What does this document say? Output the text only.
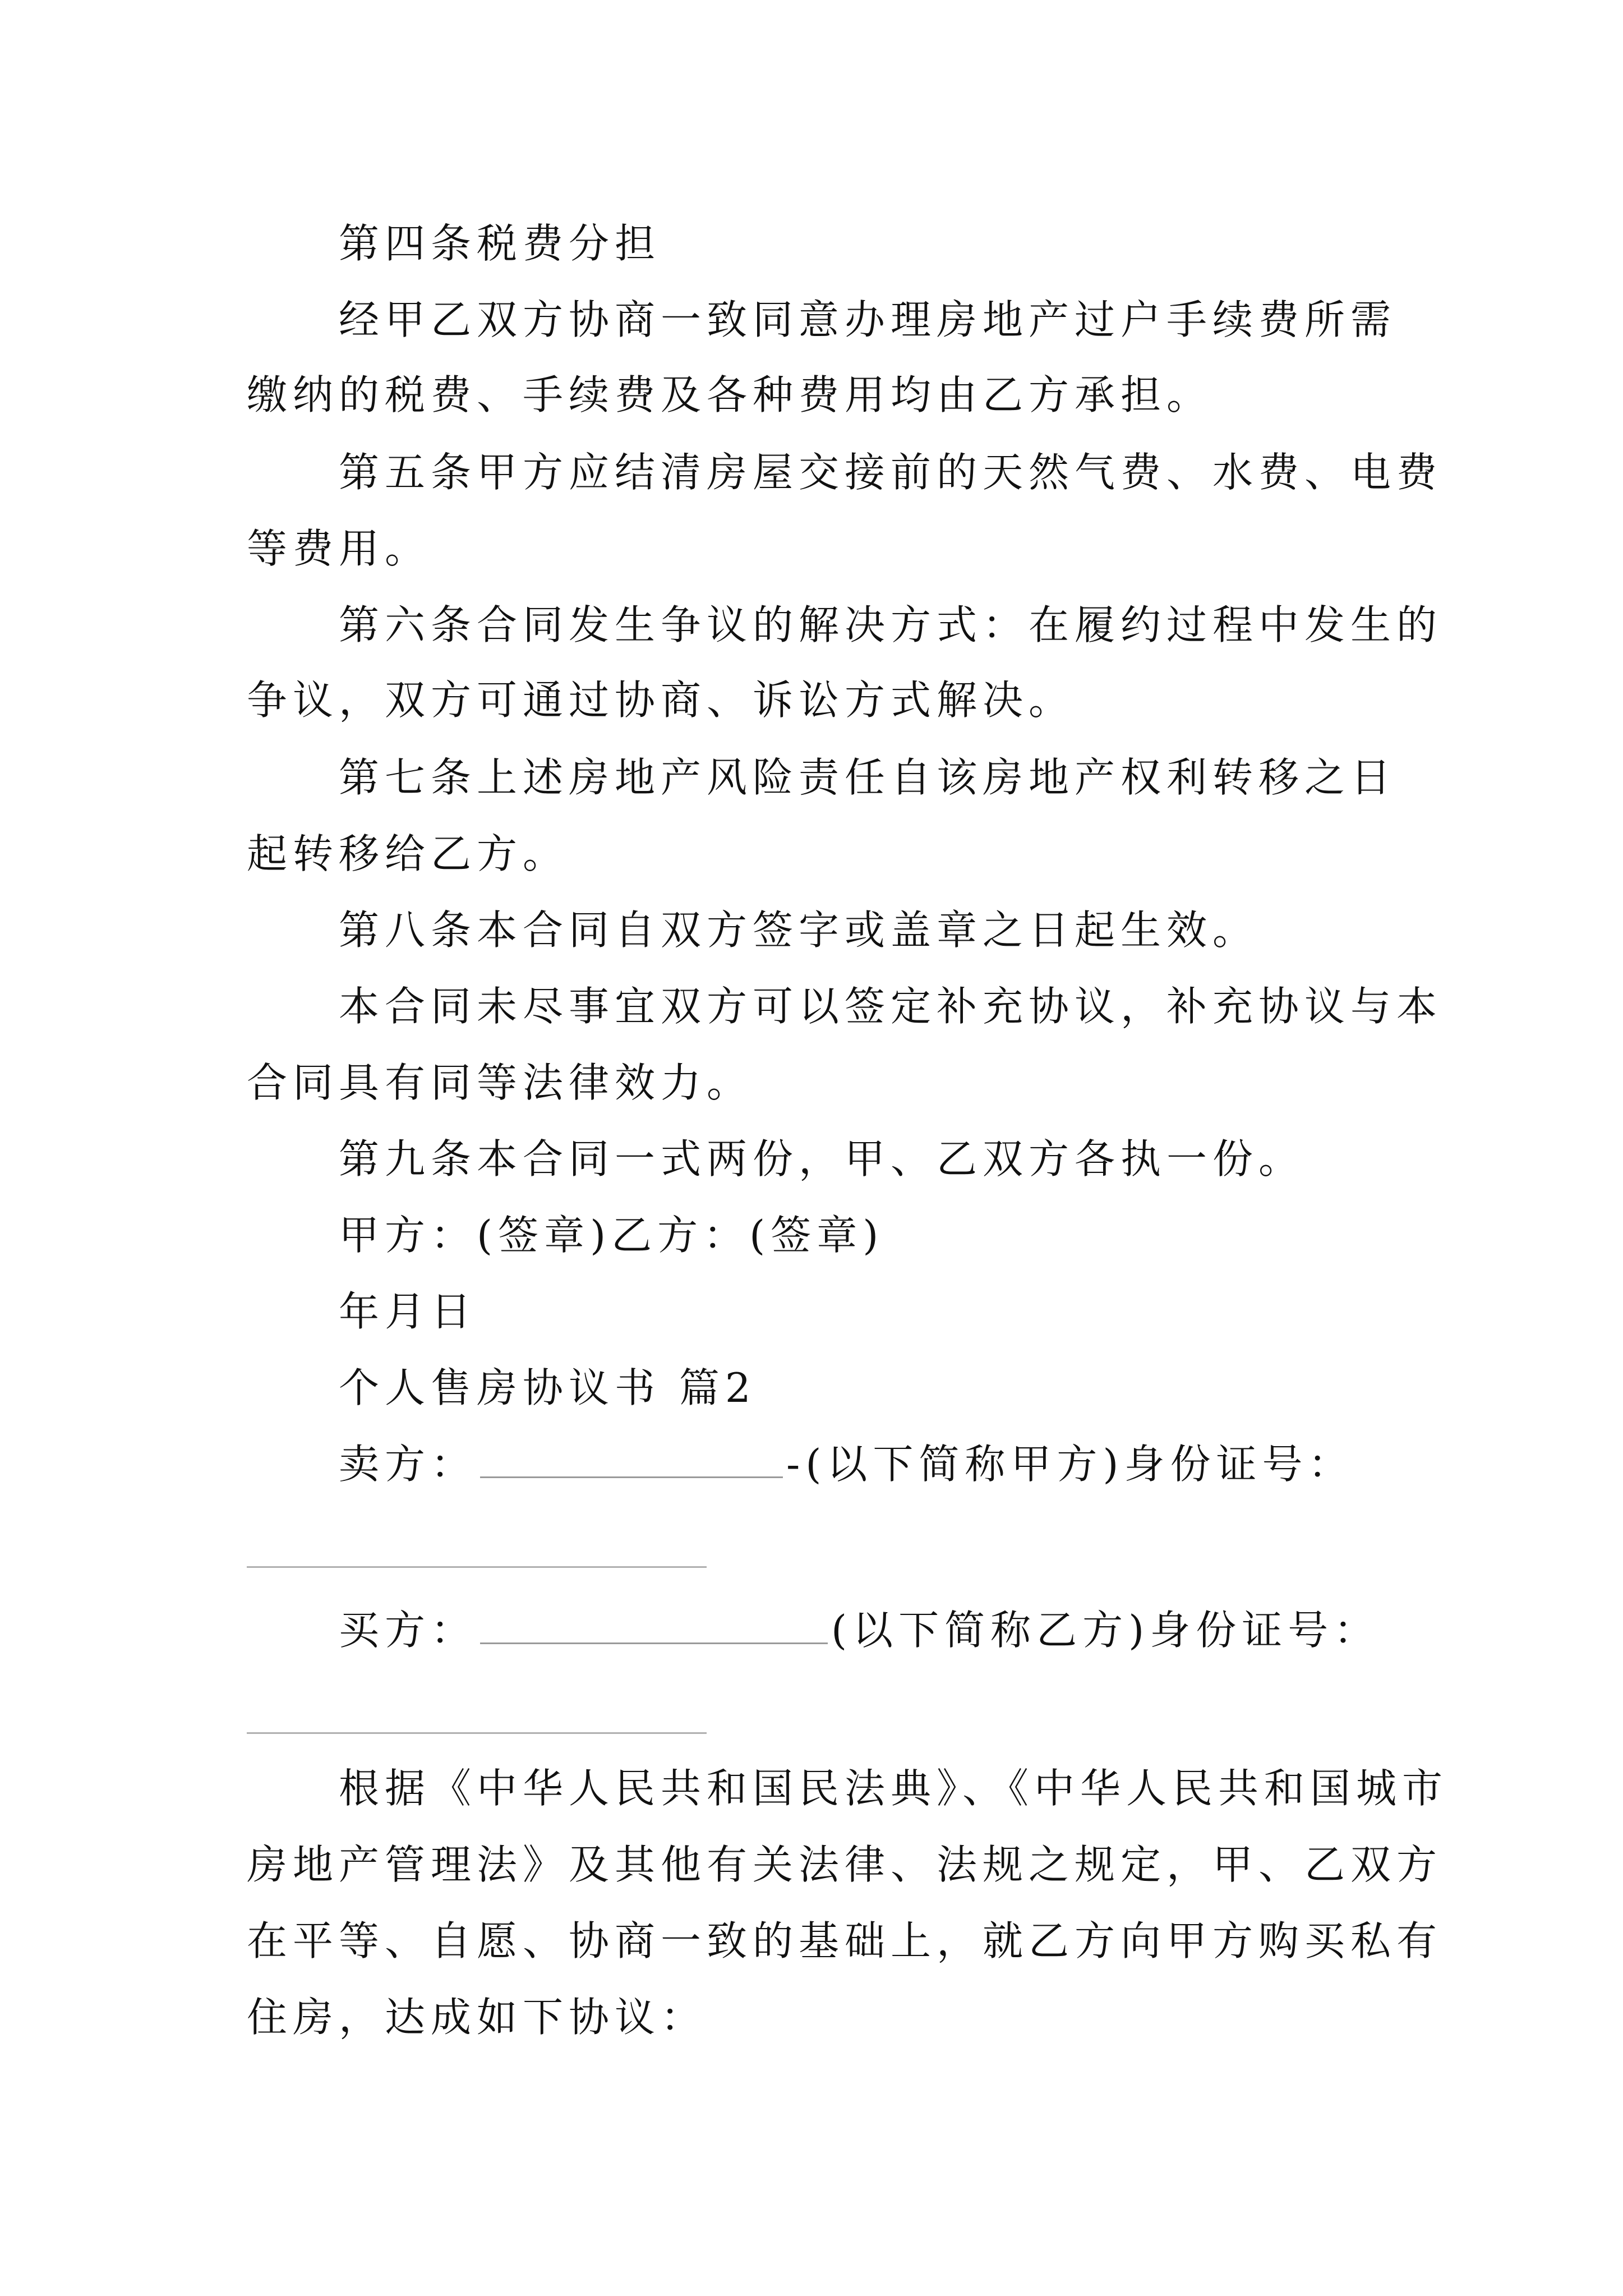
第四条税费分担

经甲乙双方协商一致同意办理房地产过户手续费所需

缴纳的税费、手续费及各种费用均由乙方承担。

第五条甲方应结清房屋交接前的天然气费、水费、电费

等费用。

第六条合同发生争议的解决方式：在履约过程中发生的

争议，双方可通过协商、诉讼方式解决。

第七条上述房地产风险责任自该房地产权利转移之日

起转移给乙方。

第八条本合同自双方签字或盖章之日起生效。

本合同未尽事宜双方可以签定补充协议，补充协议与本

合同具有同等法律效力。

第九条本合同一式两份，甲、乙双方各执一份。

甲方：(签章)乙方：(签章)

年月日

个人售房协议书 篇2

卖方：	-(以下简称甲方)身份证号：

买方：	(以下简称乙方)身份证号：

根据《中华人民共和国民法典》、《中华人民共和国城市

房地产管理法》及其他有关法律、法规之规定，甲、乙双方

在平等、自愿、协商一致的基础上，就乙方向甲方购买私有

住房，达成如下协议：
